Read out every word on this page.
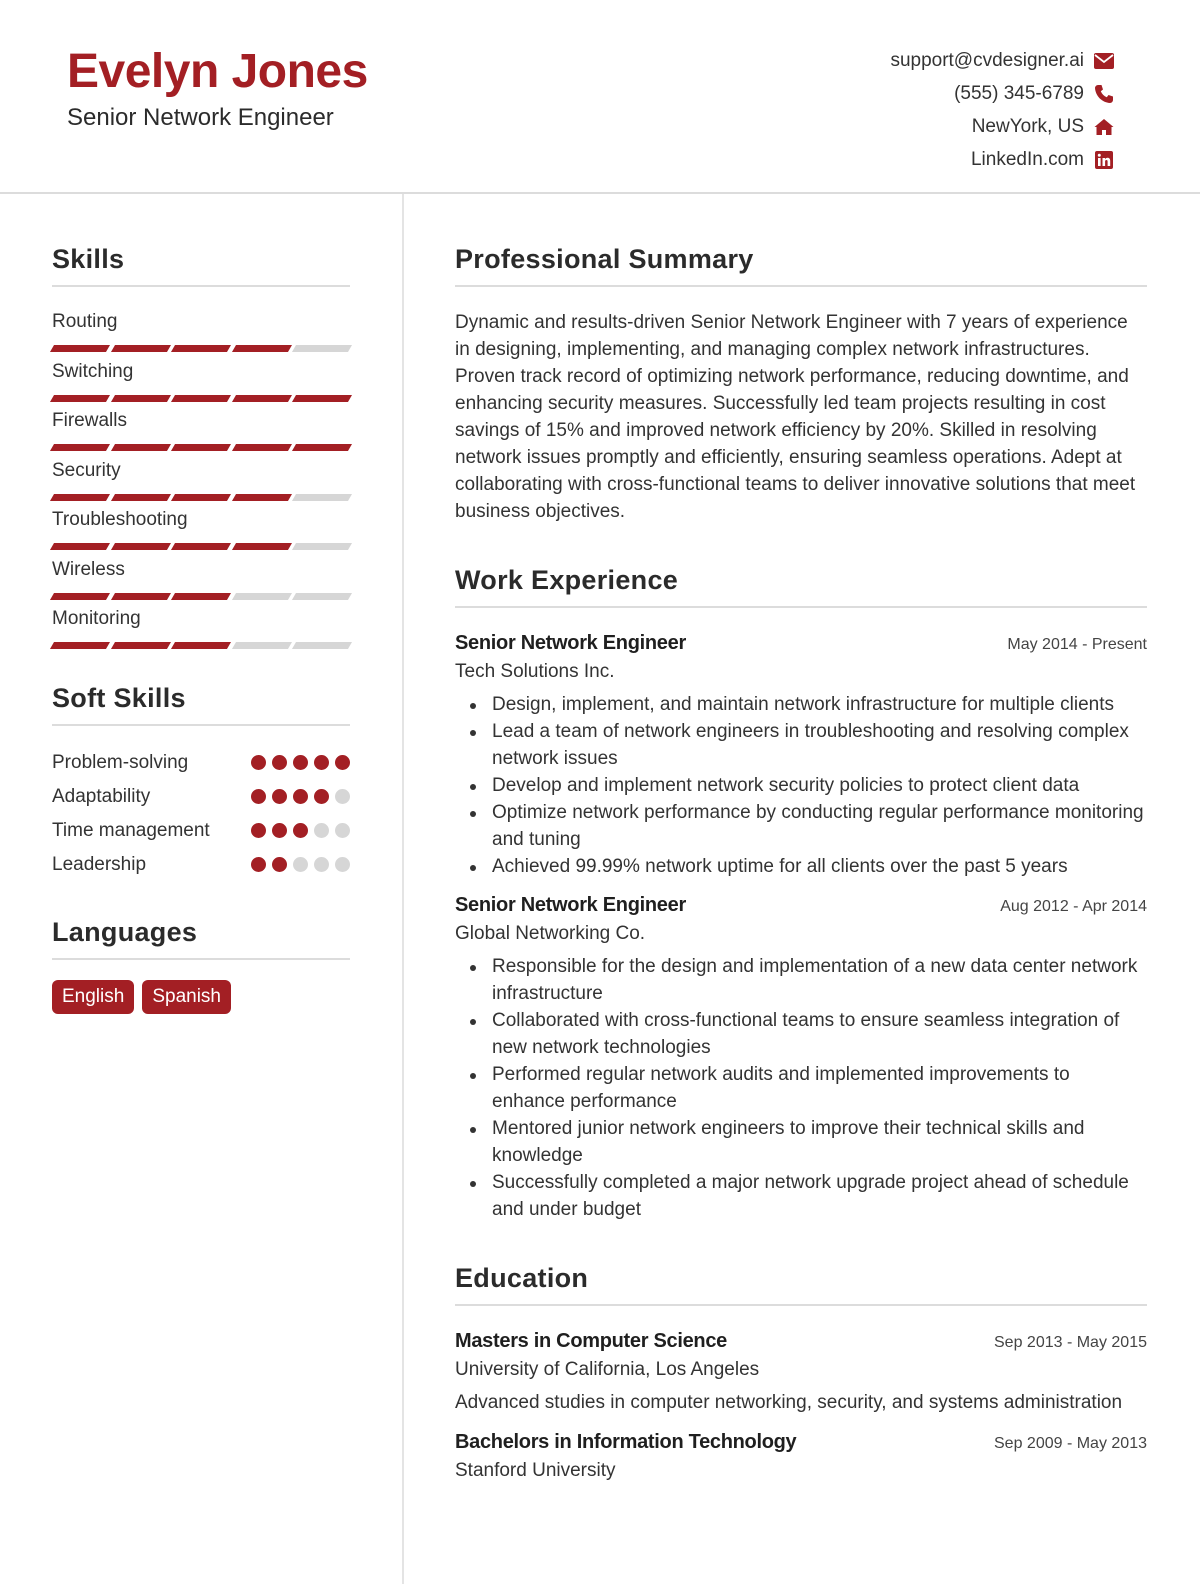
Evelyn Jones
Senior Network Engineer
support@cvdesigner.ai
(555) 345-6789
NewYork, US
LinkedIn.com
Skills
Routing
Switching
Firewalls
Security
Troubleshooting
Wireless
Monitoring
Soft Skills
Problem-solving
Adaptability
Time management
Leadership
Languages
English	Spanish
Professional Summary
Dynamic and results-driven Senior Network Engineer with 7 years of experience in designing, implementing, and managing complex network infrastructures. Proven track record of optimizing network performance, reducing downtime, and enhancing security measures. Successfully led team projects resulting in cost savings of 15% and improved network efficiency by 20%. Skilled in resolving network issues promptly and efficiently, ensuring seamless operations. Adept at collaborating with cross-functional teams to deliver innovative solutions that meet business objectives.
Work Experience
Senior Network Engineer	May 2014 - Present
Tech Solutions Inc.
Design, implement, and maintain network infrastructure for multiple clients
Lead a team of network engineers in troubleshooting and resolving complex network issues
Develop and implement network security policies to protect client data
Optimize network performance by conducting regular performance monitoring and tuning
Achieved 99.99% network uptime for all clients over the past 5 years
Senior Network Engineer	Aug 2012 - Apr 2014
Global Networking Co.
Responsible for the design and implementation of a new data center network infrastructure
Collaborated with cross-functional teams to ensure seamless integration of new network technologies
Performed regular network audits and implemented improvements to enhance performance
Mentored junior network engineers to improve their technical skills and knowledge
Successfully completed a major network upgrade project ahead of schedule and under budget
Education
Masters in Computer Science	Sep 2013 - May 2015
University of California, Los Angeles
Advanced studies in computer networking, security, and systems administration
Bachelors in Information Technology	Sep 2009 - May 2013
Stanford University
